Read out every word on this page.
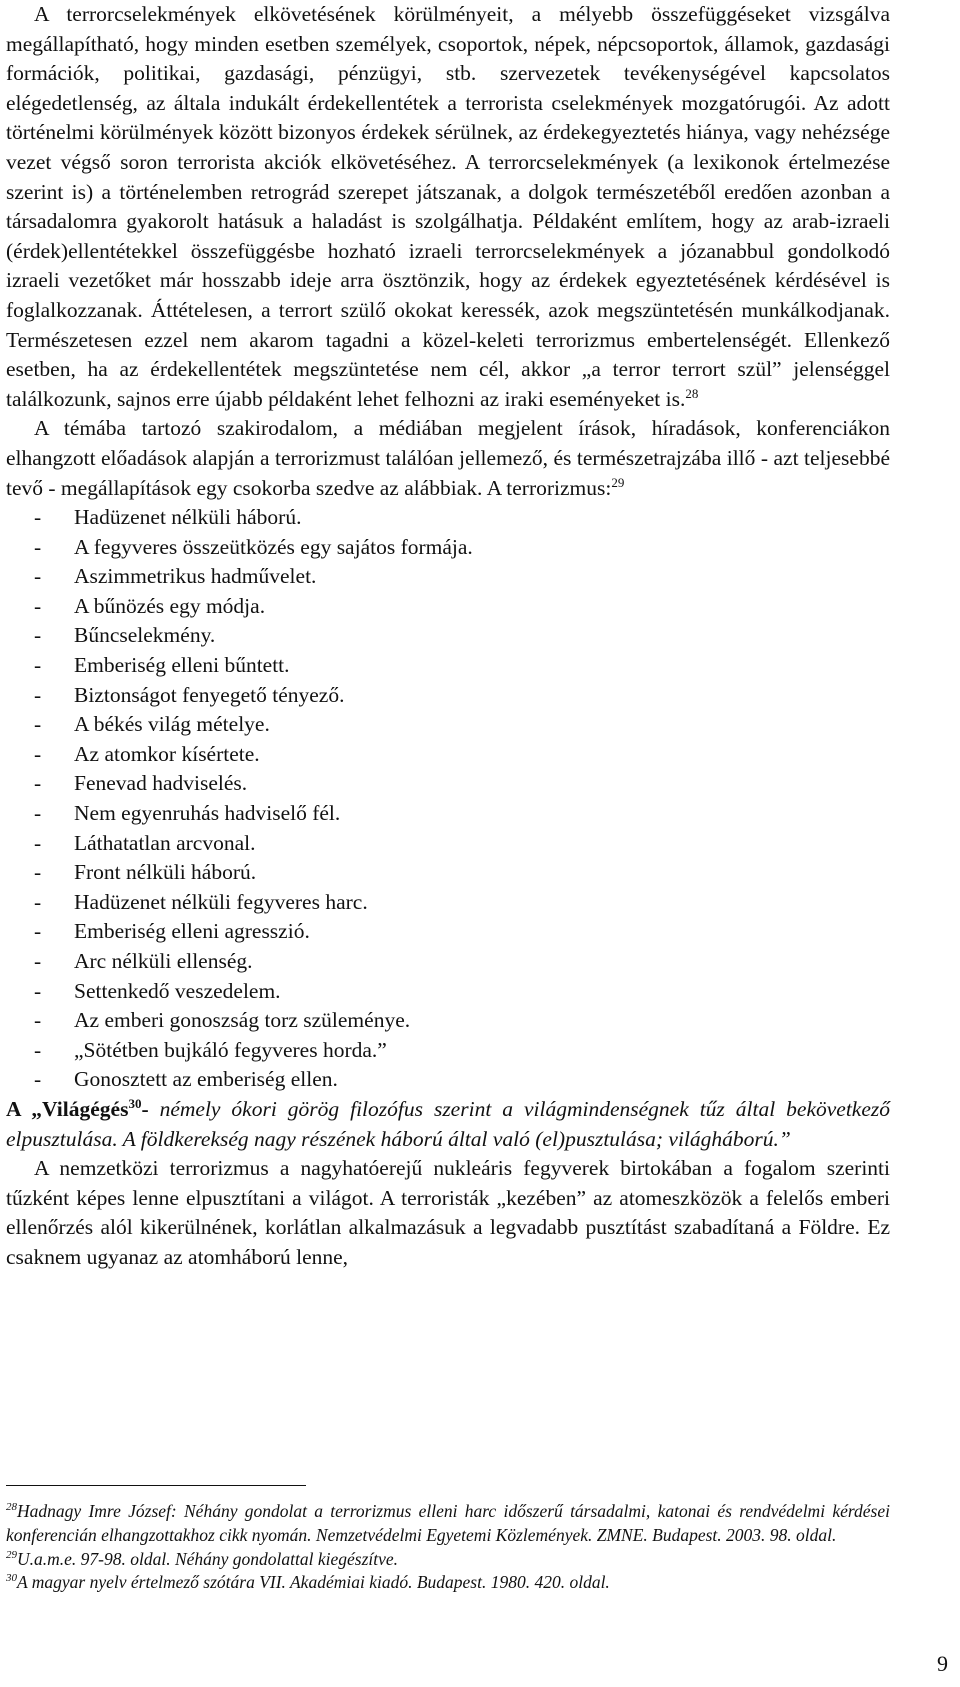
A terrorcselekmények elkövetésének körülményeit, a mélyebb összefüggéseket vizsgálva megállapítható, hogy minden esetben személyek, csoportok, népek, népcsoportok, államok, gazdasági formációk, politikai, gazdasági, pénzügyi, stb. szervezetek tevékenységével kapcsolatos elégedetlenség, az általa indukált érdekellentétek a terrorista cselekmények mozgatórugói. Az adott történelmi körülmények között bizonyos érdekek sérülnek, az érdekegyeztetés hiánya, vagy nehézsége vezet végső soron terrorista akciók elkövetéséhez. A terrorcselekmények (a lexikonok értelmezése szerint is) a történelemben retrográd szerepet játszanak, a dolgok természetéből eredően azonban a társadalomra gyakorolt hatásuk a haladást is szolgálhatja. Példaként említem, hogy az arab-izraeli (érdek)ellentétekkel összefüggésbe hozható izraeli terrorcselekmények a józanabbul gondolkodó izraeli vezetőket már hosszabb ideje arra ösztönzik, hogy az érdekek egyeztetésének kérdésével is foglalkozzanak. Áttételesen, a terrort szülő okokat keressék, azok megszüntetésén munkálkodjanak. Természetesen ezzel nem akarom tagadni a közel-keleti terrorizmus embertelenségét. Ellenkező esetben, ha az érdekellentétek megszüntetése nem cél, akkor „a terror terrort szül” jelenséggel találkozunk, sajnos erre újabb példaként lehet felhozni az iraki eseményeket is.$^{28}$

A témába tartozó szakirodalom, a médiában megjelent írások, híradások, konferenciákon elhangzott előadások alapján a terrorizmust találóan jellemező, és természetrajzába illő - azt teljesebbé tevő - megállapítások egy csokorba szedve az alábbiak. A terrorizmus:$^{29}$

- Hadüzenet nélküli háború.
- A fegyveres összeütközés egy sajátos formája.
- Aszimmetrikus hadművelet.
- A bűnözés egy módja.
- Bűncselekmény.
- Emberiség elleni bűntett.
- Biztonságot fenyegető tényező.
- A békés világ mételye.
- Az atomkor kísértete.
- Fenevad hadviselés.
- Nem egyenruhás hadviselő fél.
- Láthatatlan arcvonal.
- Front nélküli háború.
- Hadüzenet nélküli fegyveres harc.
- Emberiség elleni agresszió.
- Arc nélküli ellenség.
- Settenkedő veszedelem.
- Az emberi gonoszság torz szüleménye.
- „Sötétben bujkáló fegyveres horda.”
- Gonosztett az emberiség ellen.

A „Világégés$^{30}$- némely ókori görög filozófus szerint a világmindenségnek tűz által bekövetkező elpusztulása. A földkerekség nagy részének háború által való (el)pusztulása; világháború.”

A nemzetközi terrorizmus a nagyhatóerejű nukleáris fegyverek birtokában a fogalom szerinti tűzként képes lenne elpusztítani a világot. A terroristák „kezében” az atomeszközök a felelős emberi ellenőrzés alól kikerülnének, korlátlan alkalmazásuk a legvadabb pusztítást szabadítaná a Földre. Ez csaknem ugyanaz az atomháború lenne,

$^{28}$Hadnagy Imre József: Néhány gondolat a terrorizmus elleni harc időszerű társadalmi, katonai és rendvédelmi kérdései konferencián elhangzottakhoz cikk nyomán. Nemzetvédelmi Egyetemi Közlemények. ZMNE. Budapest. 2003. 98. oldal.

$^{29}$U.a.m.e. 97-98. oldal. Néhány gondolattal kiegészítve.

$^{30}$A magyar nyelv értelmező szótára VII. Akadémiai kiadó. Budapest. 1980. 420. oldal.

9
